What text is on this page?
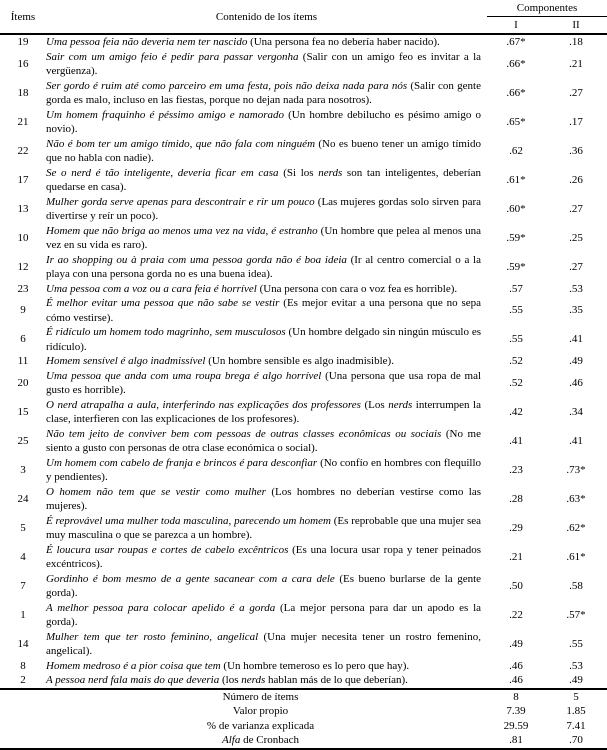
Ítems	Contenido de los ítems	Componentes	
		I	II
19	Uma pessoa feia não deveria nem ter nascido (Una persona fea no debería haber nacido).	.67*	.18
16	Sair com um amigo feio é pedir para passar vergonha (Salir con un amigo feo es invitar a la vergüenza).	.66*	.21
18	Ser gordo é ruim até como parceiro em uma festa, pois não deixa nada para nós (Salir con gente gorda es malo, incluso en las fiestas, porque no dejan nada para nosotros).	.66*	.27
21	Um homem fraquinho é péssimo amigo e namorado (Un hombre debilucho es pésimo amigo o novio).	.65*	.17
22	Não é bom ter um amigo tímido, que não fala com ninguém (No es bueno tener un amigo tímido que no habla con nadie).	.62	.36
17	Se o nerd é tão inteligente, deveria ficar em casa (Si los nerds son tan inteligentes, deberían quedarse en casa).	.61*	.26
13	Mulher gorda serve apenas para descontrair e rir um pouco (Las mujeres gordas solo sirven para divertirse y reír un poco).	.60*	.27
10	Homem que não briga ao menos uma vez na vida, é estranho (Un hombre que pelea al menos una vez en su vida es raro).	.59*	.25
12	Ir ao shopping ou à praia com uma pessoa gorda não é boa ideia (Ir al centro comercial o a la playa con una persona gorda no es una buena idea).	.59*	.27
23	Uma pessoa com a voz ou a cara feia é horrível (Una persona con cara o voz fea es horrible).	.57	.53
9	É melhor evitar uma pessoa que não sabe se vestir (Es mejor evitar a una persona que no sepa cómo vestirse).	.55	.35
6	É ridículo um homem todo magrinho, sem musculosos (Un hombre delgado sin ningún músculo es ridículo).	.55	.41
11	Homem sensível é algo inadmissível (Un hombre sensible es algo inadmisible).	.52	.49
20	Uma pessoa que anda com uma roupa brega é algo horrível (Una persona que usa ropa de mal gusto es horrible).	.52	.46
15	O nerd atrapalha a aula, interferindo nas explicações dos professores (Los nerds interrumpen la clase, interfieren con las explicaciones de los profesores).	.42	.34
25	Não tem jeito de conviver bem com pessoas de outras classes econômicas ou sociais (No me siento a gusto con personas de otra clase económica o social).	.41	.41
3	Um homem com cabelo de franja e brincos é para desconfiar (No confío en hombres con flequillo y pendientes).	.23	.73*
24	O homem não tem que se vestir como mulher (Los hombres no deberían vestirse como las mujeres).	.28	.63*
5	É reprovável uma mulher toda masculina, parecendo um homem (Es reprobable que una mujer sea muy masculina o que se parezca a un hombre).	.29	.62*
4	É loucura usar roupas e cortes de cabelo excêntricos (Es una locura usar ropa y tener peinados excéntricos).	.21	.61*
7	Gordinho é bom mesmo de a gente sacanear com a cara dele (Es bueno burlarse de la gente gorda).	.50	.58
1	A melhor pessoa para colocar apelido é a gorda (La mejor persona para dar un apodo es la gorda).	.22	.57*
14	Mulher tem que ter rosto feminino, angelical (Una mujer necesita tener un rostro femenino, angelical).	.49	.55
8	Homem medroso é a pior coisa que tem (Un hombre temeroso es lo pero que hay).	.46	.53
2	A pessoa nerd fala mais do que deveria (los nerds hablan más de lo que deberían).	.46	.49
Número de ítems		8	5
Valor propio		7.39	1.85
% de varianza explicada		29.59	7.41
Alfa de Cronbach		.81	.70
